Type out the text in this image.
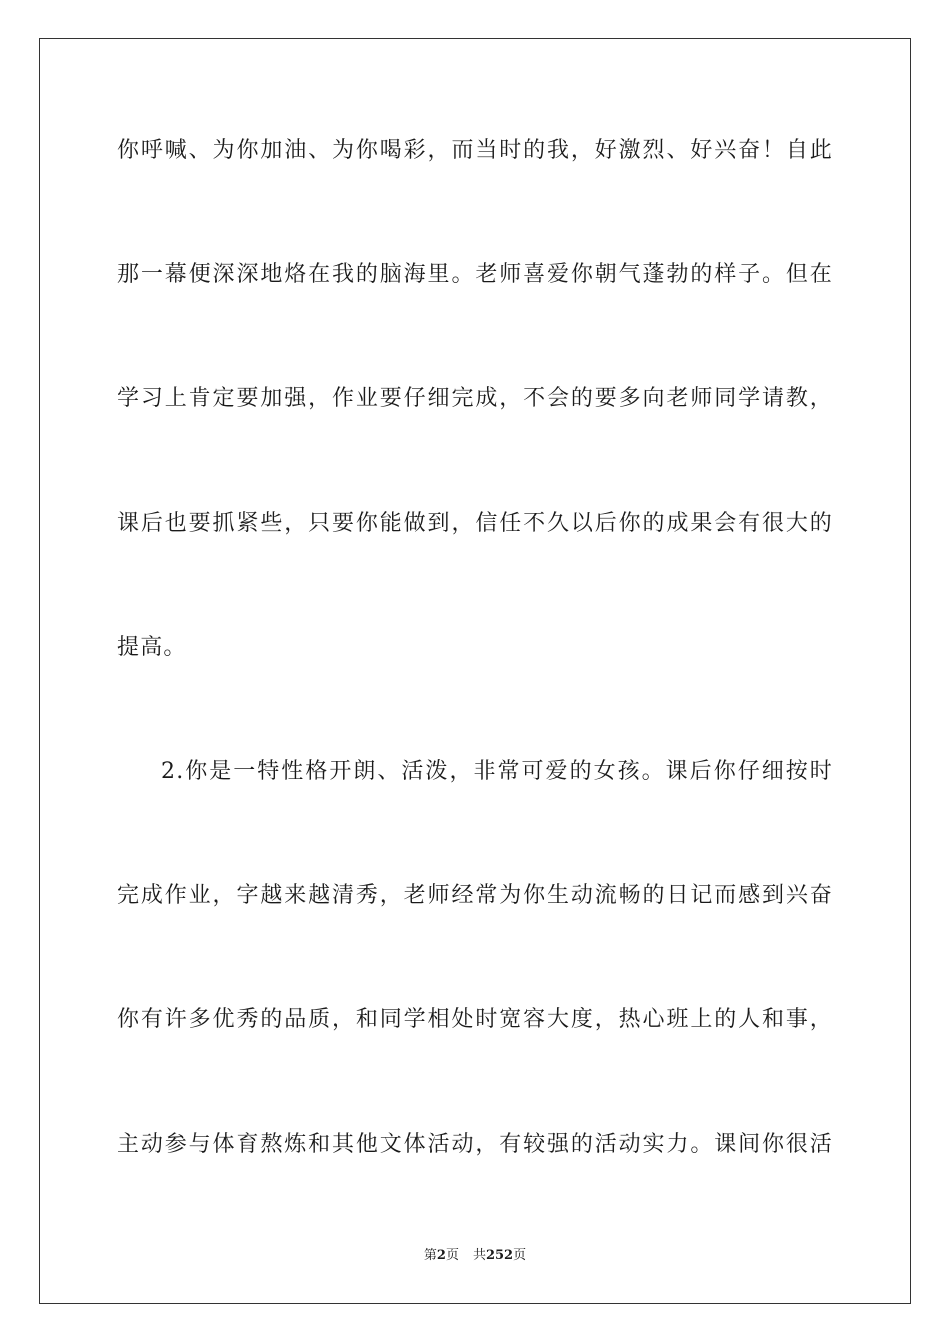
你呼喊、为你加油、为你喝彩，而当时的我，好激烈、好兴奋！自此
那一幕便深深地烙在我的脑海里。老师喜爱你朝气蓬勃的样子。但在
学习上肯定要加强，作业要仔细完成，不会的要多向老师同学请教，
课后也要抓紧些，只要你能做到，信任不久以后你的成果会有很大的
提高。
2.你是一特性格开朗、活泼，非常可爱的女孩。课后你仔细按时
完成作业，字越来越清秀，老师经常为你生动流畅的日记而感到兴奋
你有许多优秀的品质，和同学相处时宽容大度，热心班上的人和事，
主动参与体育熬炼和其他文体活动，有较强的活动实力。课间你很活
第2页 共252页
